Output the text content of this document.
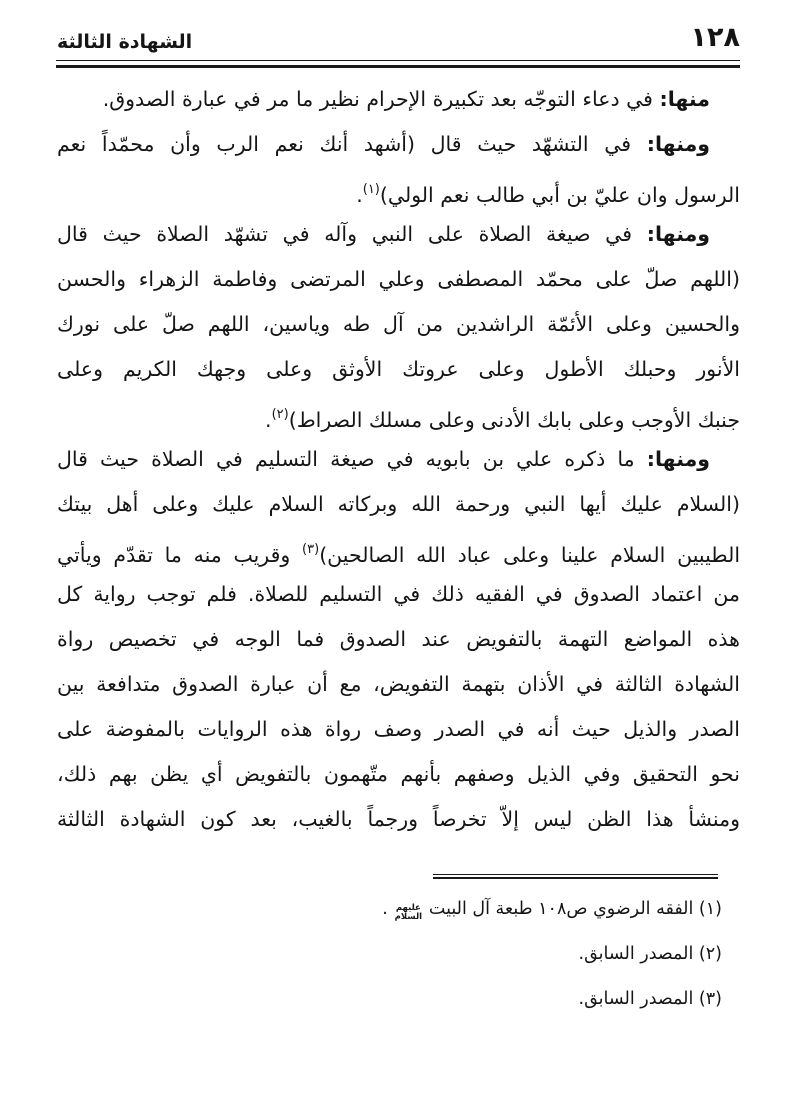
الشهادة الثالثة	١٢٨
منها: في دعاء التوجّه بعد تكبيرة الإحرام نظير ما مر في عبارة الصدوق.
ومنها: في التشهّد حيث قال (أشهد أنك نعم الرب وأن محمّداً نعم
الرسول وان عليّ بن أبي طالب نعم الولي)$^{(١)}$.
ومنها: في صيغة الصلاة على النبي وآله في تشهّد الصلاة حيث قال
(اللهم صلّ على محمّد المصطفى وعلي المرتضى وفاطمة الزهراء والحسن
والحسين وعلى الأئمّة الراشدين من آل طه وياسين، اللهم صلّ على نورك
الأنور وحبلك الأطول وعلى عروتك الأوثق وعلى وجهك الكريم وعلى
جنبك الأوجب وعلى بابك الأدنى وعلى مسلك الصراط)$^{(٢)}$.
ومنها: ما ذكره علي بن بابويه في صيغة التسليم في الصلاة حيث قال
(السلام عليك أيها النبي ورحمة الله وبركاته السلام عليك وعلى أهل بيتك
الطيبين السلام علينا وعلى عباد الله الصالحين)$^{(٣)}$ وقريب منه ما تقدّم ويأتي
من اعتماد الصدوق في الفقيه ذلك في التسليم للصلاة. فلم توجب رواية كل
هذه المواضع التهمة بالتفويض عند الصدوق فما الوجه في تخصيص رواة
الشهادة الثالثة في الأذان بتهمة التفويض، مع أن عبارة الصدوق متدافعة بين
الصدر والذيل حيث أنه في الصدر وصف رواة هذه الروايات بالمفوضة على
نحو التحقيق وفي الذيل وصفهم بأنهم متّهمون بالتفويض أي يظن بهم ذلك،
ومنشأ هذا الظن ليس إلاّ تخرصاً ورجماً بالغيب، بعد كون الشهادة الثالثة
(١) الفقه الرضوي ص١٠٨ طبعة آل البيت عليهم السلام .
(٢) المصدر السابق.
(٣) المصدر السابق.
